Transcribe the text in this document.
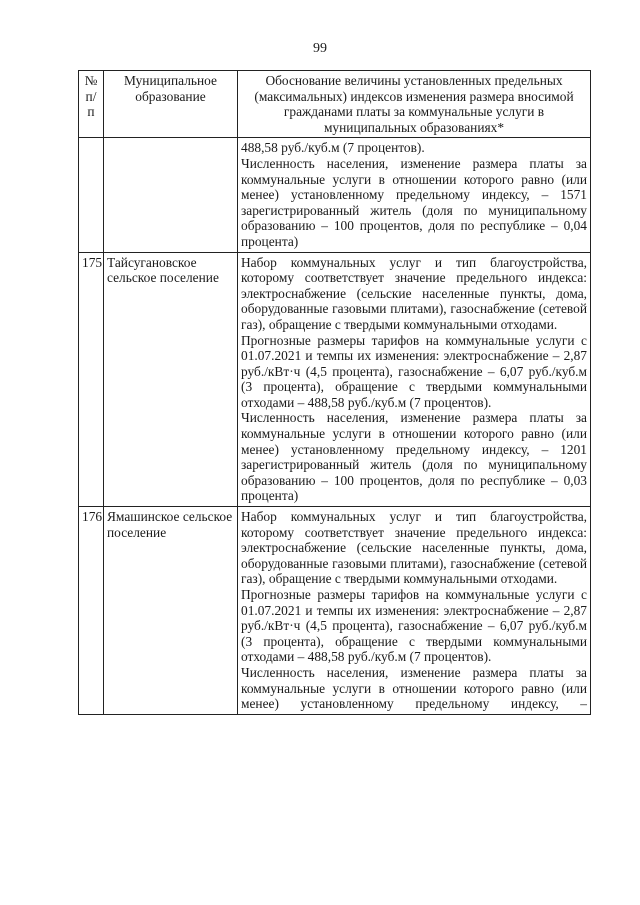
99
№ п/п	Муниципальное образование	Обоснование величины установленных предельных (максимальных) индексов изменения размера вносимой гражданами платы за коммунальные услуги в муниципальных образованиях*

		488,58 руб./куб.м (7 процентов).

Численность населения, изменение размера платы за коммунальные услуги в отношении которого равно (или менее) установленному предельному индексу, – 1571 зарегистрированный житель (доля по муниципальному образованию – 100 процентов, доля по республике – 0,04 процента)

175	Тайсугановское сельское поселение	Набор коммунальных услуг и тип благоустройства, которому соответствует значение предельного индекса: электроснабжение (сельские населенные пункты, дома, оборудованные газовыми плитами), газоснабжение (сетевой газ), обращение с твердыми коммунальными отходами.

Прогнозные размеры тарифов на коммунальные услуги с 01.07.2021 и темпы их изменения: электроснабжение – 2,87 руб./кВт·ч (4,5 процента), газоснабжение – 6,07 руб./куб.м (3 процента), обращение с твердыми коммунальными отходами – 488,58 руб./куб.м (7 процентов).

Численность населения, изменение размера платы за коммунальные услуги в отношении которого равно (или менее) установленному предельному индексу, – 1201 зарегистрированный житель (доля по муниципальному образованию – 100 процентов, доля по республике – 0,03 процента)

176	Ямашинское сельское поселение	Набор коммунальных услуг и тип благоустройства, которому соответствует значение предельного индекса: электроснабжение (сельские населенные пункты, дома, оборудованные газовыми плитами), газоснабжение (сетевой газ), обращение с твердыми коммунальными отходами.

Прогнозные размеры тарифов на коммунальные услуги с 01.07.2021 и темпы их изменения: электроснабжение – 2,87 руб./кВт·ч (4,5 процента), газоснабжение – 6,07 руб./куб.м (3 процента), обращение с твердыми коммунальными отходами – 488,58 руб./куб.м (7 процентов).

Численность населения, изменение размера платы за коммунальные услуги в отношении которого равно (или менее) установленному предельному индексу, –
